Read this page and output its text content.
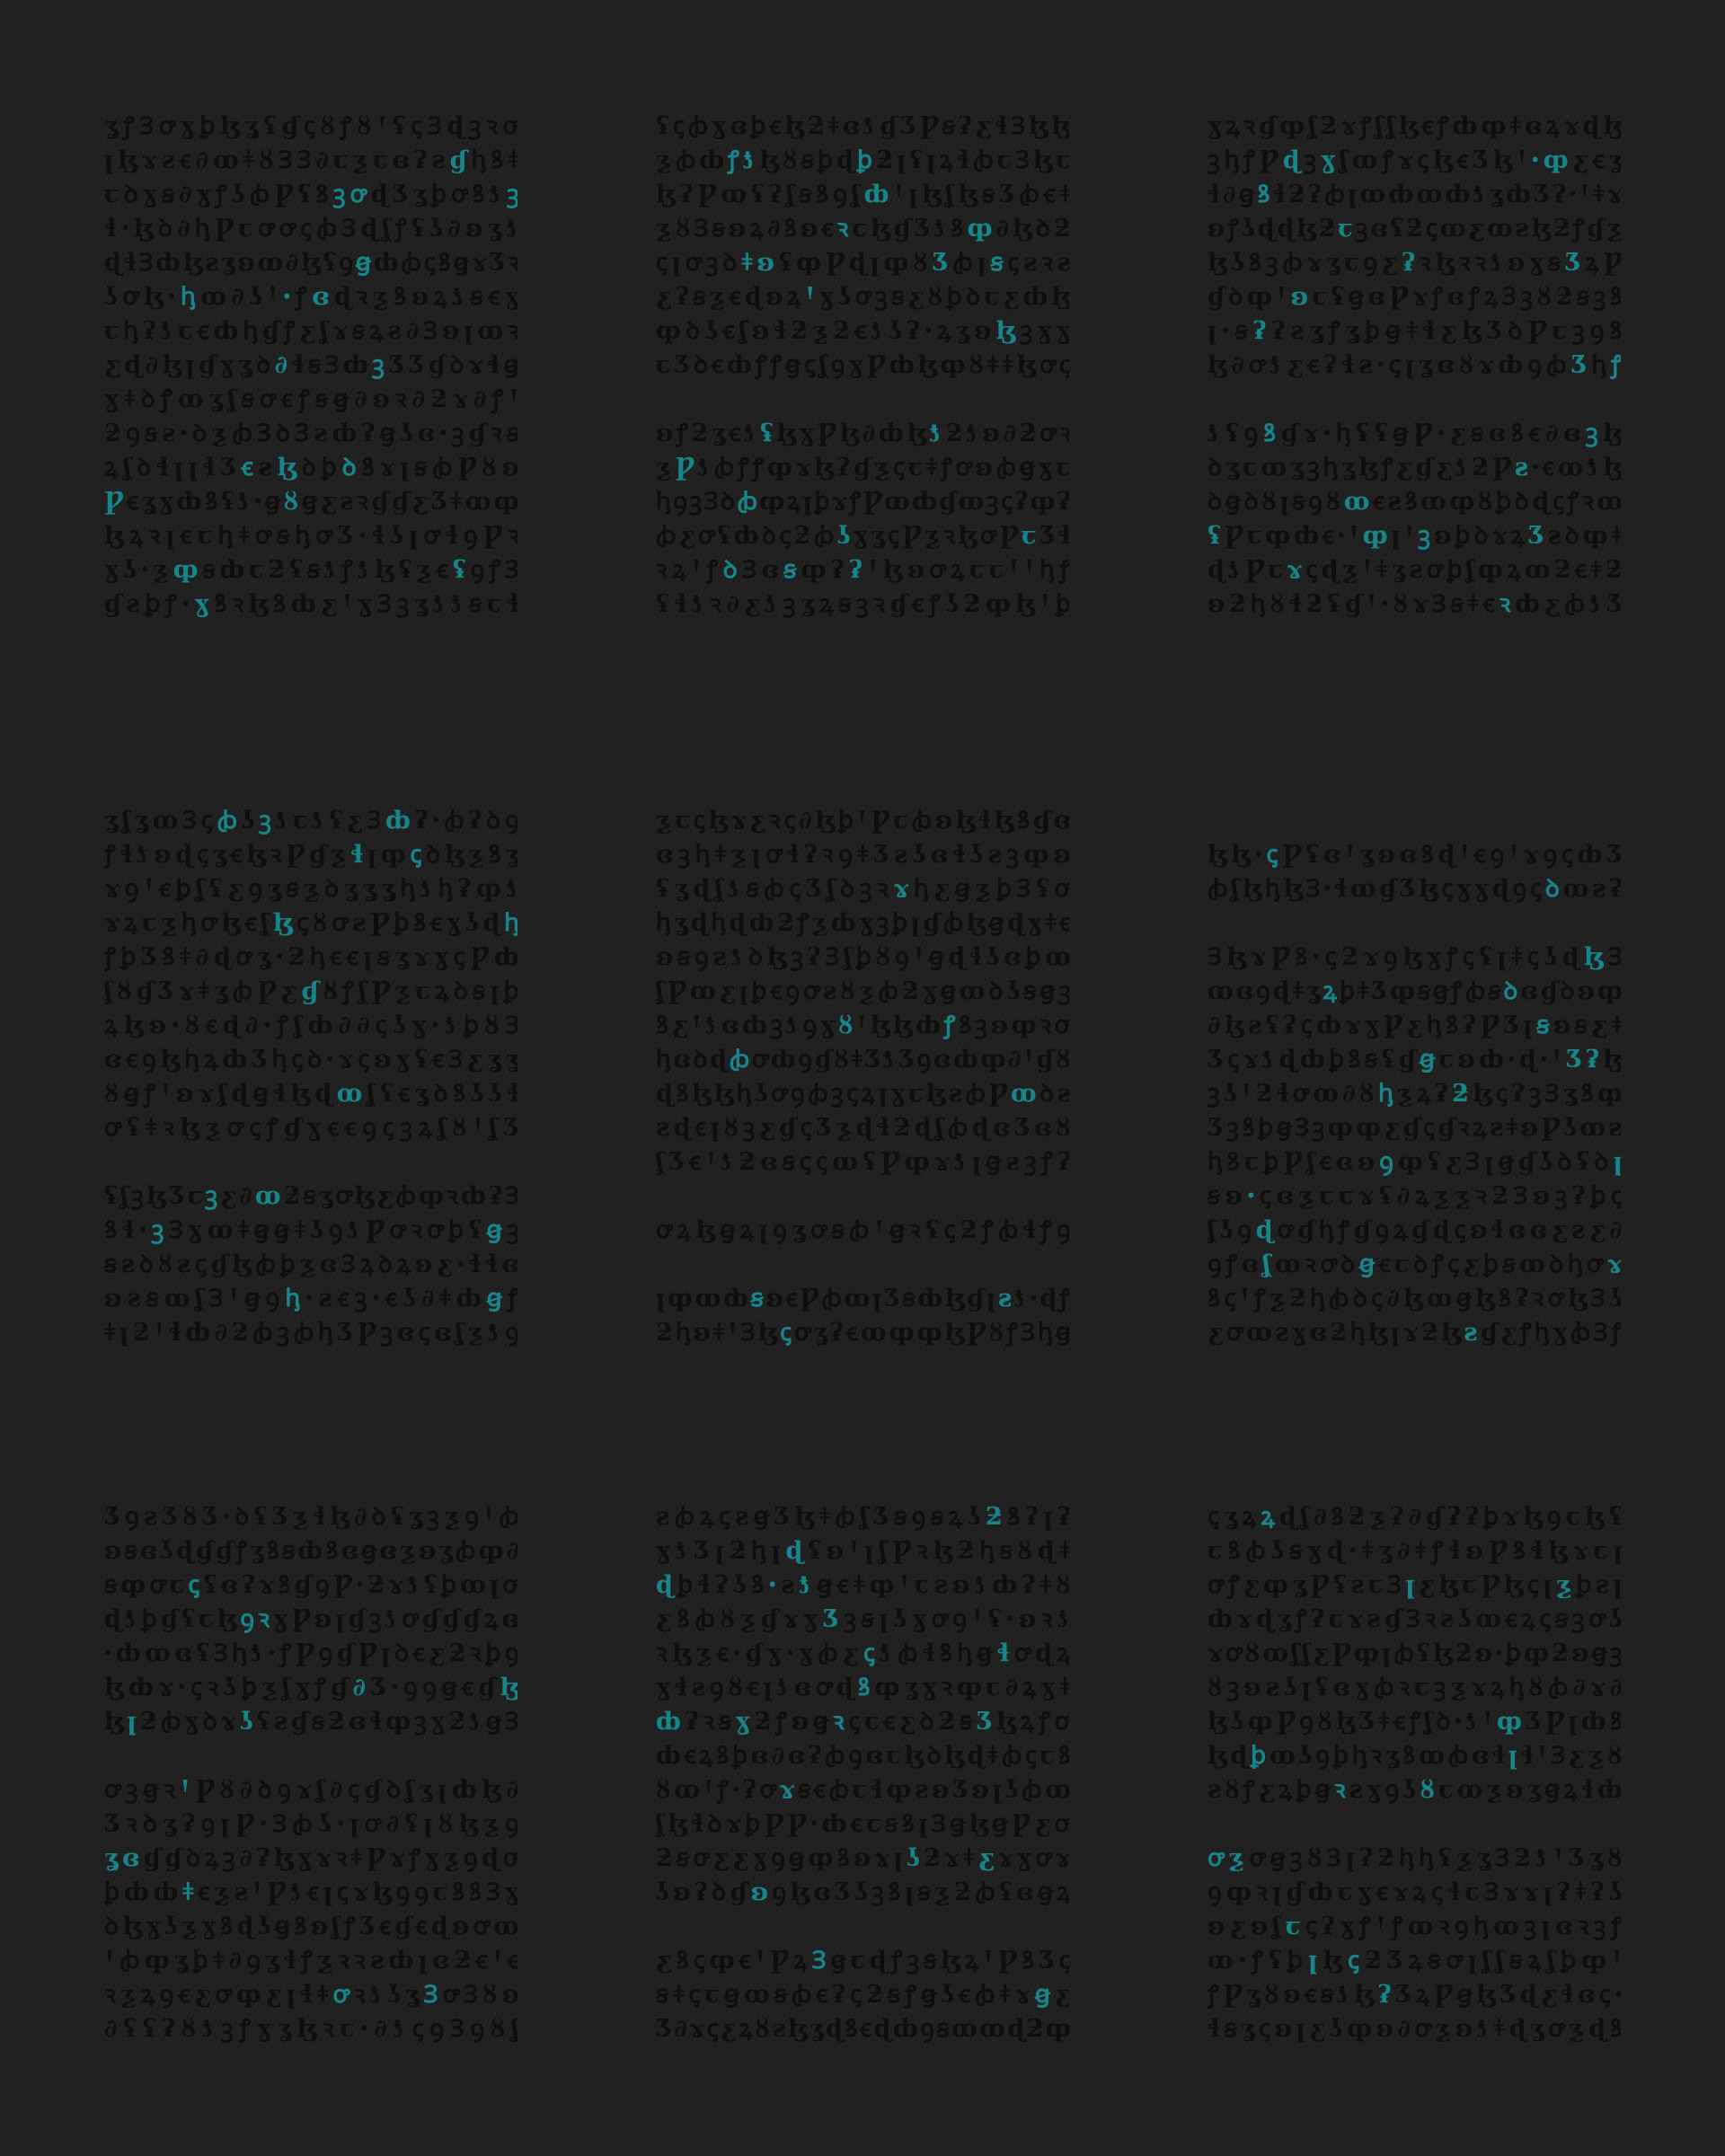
ʓ ꝭ Ɜ ꝍ ɣ ꝧ ɮ ʓ ʢ ɠ ꞔ ȣ ꝭ ȣ Ꞌ ʢ ꞔ Ɜ ɖ ꝫ ꝛ ꝍ
ꞁ ɮ ɤ ƨ ꞓ ∂ ꝏ ǂ ȣ Ɜ Ɜ ∂ ꞇ ƺ ꞇ ɞ ʡ ƨ ɠ ꞕ ꝸ ǂ
ꞇ ꝺ ɣ ꞩ ∂ ɣ ꝭ ʖ ꞗ Ƿ ʢ ꝸ ꝫ ꝍ ɖ Ʒ ʓ ꝧ ꝍ ꝸ ƾ ꝫ
ɬ ꞏ ɮ ꝺ ∂ ꞕ Ƿ ꞇ ꝍ ꝍ ꞔ ꞗ Ɜ ɖ ʆ ꝭ ʢ ʖ ∂ ʚ ʓ ƾ
ɖ ɬ Ɜ ȸ ɮ ƨ ʓ ʚ ꝏ ∂ ɮ ʢ ꝯ ꞡ ȸ ꞗ ꞔ ꝸ ꞡ ɤ Ʒ ꝛ
ʖ ꝍ ɮ ꞏ ꞕ ꝏ ∂ ʖ Ꞌ ꞏ ꝭ ɞ ɖ ꝛ ƺ ꝸ ʚ ꝝ ƾ ꞩ ꞓ ɣ
ꞇ ꞕ ʡ ƾ ꞇ ꞓ ȸ ꞕ ɠ ꝭ ƹ ʆ ɤ ꞩ ꝝ ƨ ∂ Ɜ ʚ ꞁ ꝏ ꝛ
ƹ ɖ ∂ ɮ ꞁ ɠ ɣ ʓ ꝺ ∂ ɬ ꞩ Ɜ ȸ ꝫ Ʒ Ʒ ɠ ꝺ ɤ ɬ ꞡ
ɣ ǂ ꝺ ꝭ ꝏ ʓ ʆ ꞩ ꝍ ꞓ ꝭ ꞩ ꞡ ∂ ʚ ꝛ ∂ ƻ ɤ ∂ ꝭ Ꞌ
ƻ ꝯ ꞩ ƨ ꞏ ꝺ ƺ ꞗ Ɜ ꝺ Ɜ ƨ ȸ ʡ ꞡ ʖ ɞ ꞏ ꝫ ɠ ꝛ ꞩ
ꝝ ʆ ꝺ ɬ ꞁ ꞁ ɬ Ʒ ꞓ ƨ ɮ ꝺ ꝧ ꝺ ꝸ ɤ ꞁ ꞩ ꞗ Ƿ ȣ ʚ
Ƿ ꞓ ʓ ɣ ȸ ꝸ ʢ ƾ ꞏ ꞡ ȣ ꞡ ƹ ƨ ꝛ ɠ ɠ ƹ Ʒ ǂ ꝏ ȹ
ɮ ꝝ ꝛ ꞁ ꞓ ꞇ ꞕ ǂ ꝍ ꞩ ꞕ ꝍ Ʒ ꞏ ɬ ʖ ꞁ ꝍ ɬ ꝯ Ƿ ꝛ
ɣ ʖ ꞏ ƺ ȹ ꞩ ȸ ꞇ ƻ ʢ ꞩ ƾ ꝭ ƾ ɮ ʢ ƺ ꞓ ʢ ꝯ ꝭ Ɜ
ɠ ƨ ꝧ ꝭ ꞏ ɣ ꝸ ꝛ ɮ ꝸ ȸ ƹ Ꞌ ɣ Ɜ ꝫ ʓ ƾ ƾ ꞩ ꞇ ɬ
ʢ ꞔ ꞗ ɣ ɞ ꝧ ꞓ ɮ ƻ ǂ ɞ ƾ ɠ Ʒ Ƿ ꞩ ʡ ƹ ɬ Ɜ ɮ ɮ
ƺ ꞗ ȸ ꝭ ƾ ɮ ȣ ꞩ ꝧ ɖ ꝧ ƻ ꞁ ʢ ꞁ ꝝ ɬ ꞗ ꞇ Ɜ ɮ ꞇ
ɮ ʡ Ƿ ꝏ ʢ ʡ ʆ ꞩ ꝸ ꝯ ʆ ȸ Ꞌ ꞁ ɮ ʆ ɮ ꞩ Ʒ ꞗ ꞓ ǂ
ƺ ȣ Ɜ ꞩ ʚ ꝝ ∂ ꝸ ʚ ꞓ ꝛ ꞇ ɮ ɠ Ʒ ƾ ꝸ ȹ ∂ ɮ ꝺ ƻ
ꞔ ꞁ ꝍ ꝫ ꝺ ǂ ʚ ʢ ȹ Ƿ ɖ ꞁ ȹ ȣ Ʒ ꞗ ꞁ ꞩ ꞔ ƨ ꝛ ƨ
ƹ ʡ ꞩ ƺ ꞓ ɖ ʚ ꝝ Ꞌ ɣ ʖ ꝍ ꝫ ꞩ ƹ ȣ ꝧ ꝺ ꞇ ƹ ȸ ɮ
ȹ ꝺ ʖ ꞓ ʆ ʚ ɬ ƻ ƺ ƻ ꞓ ƾ ʖ ʡ ꞏ ꝝ ʓ ʚ ɮ ꝫ ɣ ɣ
ꞇ Ʒ ꝺ ꞓ ȸ ꝭ ꝭ ꞡ ꞔ ʆ ꝯ ɣ Ƿ ȸ ɮ ȹ ȣ ǂ ǂ ɮ ꝍ ꞔ
ʚ ꝭ ƻ ʓ ꞓ ƾ ʢ ɮ ɣ Ƿ ɮ ∂ ȸ ɮ ƾ ƻ ƾ ʚ ∂ ƻ ꝍ ꝛ
ƺ Ƿ ƾ ꞗ ꝭ ꝭ ȹ ɤ ɮ ʡ ɠ ƺ ꞔ ꞇ ǂ ꝭ ꝍ ʚ ꞗ ꞡ ɣ ꞇ
ꞕ ꝯ ꝫ Ɜ ꝺ ꞗ ȹ ꝝ ꞁ ꝧ ɤ ꝭ Ƿ ꝏ ȸ ɠ ꝏ ꝫ ꞔ ʡ ȹ ʡ
ꞗ ƹ ꝍ ʢ ȸ ꝺ ꞔ ƻ ꞗ ʖ ɣ ʓ ꞔ Ƿ ƺ ꝛ ɮ ꝍ Ƿ ꞇ Ʒ ɬ
ꝛ ꝝ Ꞌ ꝭ ꝺ Ɜ ɞ ꞩ ȹ ʡ ʡ Ꞌ ɮ ʚ ꝍ ꝝ ꞇ ꞇ Ꞌ Ꞌ ꞕ ꝭ
ʢ ɬ ƾ ꝛ ∂ ƹ ƾ ꝫ ʓ ꝝ ꞩ ꝫ ꝛ ɠ ꞓ ꝭ ʖ ƻ ȹ ɮ Ꞌ ꝧ
ɣ ꝝ ꝛ ɠ ȹ ʆ ƻ ɤ ꝭ ʆ ʆ ɮ ꞓ ꝭ ȸ ȹ ǂ ɞ ꝝ ɤ ɖ ɮ
ꝫ ꞕ ꝭ Ƿ ɖ ꝫ ɣ ʆ ꝏ ꝭ ɤ ꞔ ɮ ꞓ Ʒ ɮ Ꞌ ꞏ ȹ ƹ ꞓ ʓ
ɬ ∂ ꞡ ꝸ ɬ ƻ ʡ ꞗ ꞁ ꝏ ȸ ꝏ ȸ ƾ ʓ ȸ Ʒ ʡ ꞏ Ꞌ ǂ ɤ
ʚ ꝭ ʖ ɖ ɖ ɮ ƻ ꞇ ꝫ ɞ ʢ ƻ ꞔ ꝏ ƹ ꝏ ƨ ɮ ƻ ꝭ ɠ ƺ
ɮ ʖ ꝸ ꝫ ꞗ ɤ ʓ ꞇ ꝯ ƹ ʡ ꝛ ɮ ꝛ ꝛ ƾ ʚ ɣ ꞩ Ʒ ꝝ Ƿ
ɠ ꝺ ȹ Ꞌ ʚ ꞇ ʢ ꞡ ɞ Ƿ ɤ ꝭ ɞ ꝭ ꝝ Ɜ ꝫ ȣ ƻ ꞩ ꝫ ꝸ
ꞁ ꞏ ꞩ ʡ ʡ ƨ ʓ ꝭ ʓ ꝧ ꞡ ǂ ɬ ƹ ɮ Ʒ ꝺ Ƿ ꞇ ꝫ ꝯ ꝸ
ɮ ∂ ꝍ ƾ ƹ ꞓ ʡ ɬ ƨ ꞏ ꞔ ꞁ ʓ ɞ ȣ ɤ ȸ ꝯ ꞗ Ʒ ꞕ ꝭ
ƾ ʢ ꝯ ꝸ ɠ ɤ ꞏ ꞕ ʢ ʢ ꞡ Ƿ ꞏ ƹ ꞩ ɞ ꝸ ꞓ ∂ ɞ ꝫ ɮ
ꝺ ʓ ꞇ ꝏ ʓ ꝫ ꞕ ʓ ɮ ꝭ ƹ ɠ ƹ ƾ ƻ Ƿ ƨ ꞏ ꞓ ꝏ ƾ ɮ
ꝺ ꞡ ꝺ ȣ ꞁ ꞩ ꝯ ȣ ꝏ ꞓ ƨ ꝸ ꝏ ȹ ȣ ꝧ ꝺ ɖ ꞔ ꝭ ꝛ ꝏ
ʢ Ƿ ꞇ ȹ ȸ ꞓ ꞏ Ꞌ ȹ ꞁ Ꞌ ꝫ ʚ ꝧ ꝺ ɤ ꝝ Ʒ ƨ ꝺ ȹ ǂ
ɖ ƾ Ƿ ꞇ ɤ ꞔ ɖ ƺ Ꞌ ǂ ʓ ƨ ꝍ ꝧ ʆ ȹ ꝝ ꝏ ƻ ꞓ ǂ ƻ
ʚ ƻ ꞕ ȣ ɬ ƻ ʢ ɠ Ꞌ ꞏ ȣ ɤ Ɜ ꞩ ǂ ꞓ ꝛ ȸ ƹ ꞗ ƾ Ʒ
ʓ ʆ ʓ ꝏ Ɜ ꞔ ꞗ ʖ ꝫ ƾ ꞇ ƾ ʢ ƹ Ɜ ȸ ʡ ꞏ ꞗ ʡ ꝺ ꝯ
ꝭ ɬ ƾ ʚ ɖ ꞔ ʓ ꞓ ɮ ꝛ Ƿ ɠ ƺ ɬ ꞁ ȹ ꞔ ꝺ ɮ ƺ ꝸ ʓ
ɤ ꝯ Ꞌ ꞓ ꝧ ʆ ʢ ƹ ꝯ ʓ ꞩ ƺ ꝺ ʓ ʓ ʓ ꞕ ƾ ꞕ ʡ ȹ ƾ
ɤ ꝝ ꞇ ƺ ꞕ ꝍ ɮ ꞓ ʆ ɮ ꞔ ȣ ꝍ ƨ Ƿ ꝧ ꝸ ꞓ ɣ ʖ ɖ ꞕ
ꝭ ꝧ Ʒ ꝸ ǂ ∂ ɖ ꝍ ʓ ꞏ ƻ ꞕ ꞓ ꞓ ꞁ ꞩ ʓ ɤ ɣ ꞔ Ƿ ȸ
ʆ ȣ ɠ Ʒ ɤ ǂ ʓ ꞗ Ƿ ƹ ɠ ȣ ꝭ ʆ Ƿ ƺ ꞇ ꝝ ꝺ ꞩ ꞁ ꝧ
ꝝ ɮ ʚ ꞏ ȣ ꞓ ɖ ∂ ꞏ ꝭ ʆ ȸ ∂ ∂ ꞔ ʖ ɣ ꞏ ƾ ꝧ ȣ Ɜ
ɞ ꞓ ꝯ ɮ ꞕ ꝝ ȸ Ʒ ꞕ ꞔ ꝺ ꞏ ɤ ꞔ ʚ ɣ ʢ ꞓ Ɜ ƹ ʓ ʓ
ȣ ꞡ ꝭ Ꞌ ʚ ɤ ʆ ɖ ꞡ ɬ ɮ ɖ ꝏ ʆ ʢ ꞓ ʓ ꝺ ꝸ ʖ ʖ ɬ
ꝍ ʢ ǂ ꝛ ɮ ƺ ꝍ ꞔ ꝭ ɠ ɣ ꞓ ꞓ ꝯ ꞔ ꝫ ꝝ ʆ ȣ Ꞌ ʆ Ʒ
ʢ ʆ ꝫ ɮ Ʒ ꞇ ꝫ ƹ ∂ ꝏ ƻ ꞩ ʓ ꝍ ɮ ƹ ꞗ ȹ ꝛ ȸ ʡ Ɜ
ꝸ ɬ ꞏ ꝫ Ɜ ɣ ꝏ ǂ ꞡ ꞡ ǂ ʖ ꝯ ƾ Ƿ ꝍ ꝛ ꝍ ꝧ ʢ ꞡ ꝫ
ꞩ ƨ ꝺ ȣ ƨ ꞔ ɠ ɮ ꞗ ꝧ ƺ ɞ Ɜ ꝝ ꝺ ꝝ ʚ ƹ ꞏ ɬ ɬ ɞ
ʚ ƨ ꞩ ꝏ ʆ Ɜ Ꞌ ꞡ ꝯ ꞕ ꞏ ƨ ꞓ ꝫ ꞏ ꞓ ʖ ∂ ǂ ȸ ꞡ ꝭ
ǂ ꞁ ƻ Ꞌ ɬ ȸ ∂ ƻ ꞗ ꝫ ꞗ ꞕ Ʒ Ƿ ꝫ ɞ ꞔ ɞ ʆ ƺ ƾ ꝯ
ƺ ꞇ ꞔ ɮ ɤ ƹ ꝛ ꞔ ∂ ɮ ꝧ Ꞌ Ƿ ꞇ ꞗ ʚ ɮ ɬ ɮ ꝸ ɠ ɞ
ɞ ꝫ ꞕ ǂ ƺ ꞁ ꝍ ɬ ʡ ꝛ ꝯ ǂ Ʒ ƨ ʖ ɞ ɬ ʖ ƨ ꝫ ȹ ʚ
ʢ ʓ ɖ ʆ ƾ ꞩ ꞗ ꞔ Ʒ ʆ ꝺ ꝫ ꝛ ɤ ꞕ ƹ ꞡ ƺ ꝧ Ɜ ʢ ꝍ
ꞕ ʓ ɖ ꞕ ɖ ȸ ƻ ꝭ ƺ ȸ ɣ ꝫ ꝧ ꞁ ɠ ꞗ ɮ ꞡ ɖ ɣ ǂ ꞓ
ʚ ꞩ ꝯ ƨ ƾ ꝺ ɮ ꝫ ʡ Ɜ ʆ ꝧ ȣ ꝯ Ꞌ ꞡ ɖ ɬ ʖ ɞ ꝧ ꝏ
ʆ Ƿ ꝏ ƹ ꞁ ꝧ ꞓ ꝯ ꝍ ƨ ȣ ƺ ꞗ ƻ ɣ ꞡ ꝏ ꝺ ʖ ꞩ ꞡ ꝫ
ꝸ ƹ Ꞌ ƾ ɞ ȸ ꝫ ƾ ꝯ ɣ ȣ Ꞌ ɮ ɮ ȸ ꝭ ꝸ ꝫ ʚ ȹ ꝛ ꝍ
ꞕ ɞ ꝺ ɖ ꞗ ꝍ ȸ ꝯ ɠ ȣ ǂ Ʒ ƾ Ʒ ꝯ ɞ ȸ ȹ ∂ Ꞌ ɠ ȣ
ɖ ꝸ ɮ ɮ ꞕ ʖ ꝍ ꝯ ꞗ ꝫ ꞔ ꝝ ꞁ ɣ ꞇ ɮ ƨ ꞗ Ƿ ꝏ ꝺ ƨ
ƨ ɖ ꞓ ꞁ ȣ ꝫ ƹ ɠ ꞔ Ʒ ƺ ɖ ɬ ƻ ɖ ʆ ꞗ ɖ ɞ Ʒ ɞ ȣ
ʆ Ʒ ꞓ Ꞌ ƾ ƻ ɞ ꞩ ꞔ ꞔ ꝏ ʢ Ƿ ȹ ɤ ƾ ꞁ ꞡ ƨ ꝫ ꝭ ʡ
ꝍ ꝝ ɮ ꞡ ꝝ ꞁ ꝯ ʓ ꝍ ꞩ ꞗ Ꞌ ꞡ ꝛ ʢ ꞔ ƻ ꝭ ꞗ ɬ ꝭ ꝯ
ꞁ ȹ ꝏ ȸ ꞩ ʚ ꞓ Ƿ ꞗ ꝏ ꞁ Ʒ ꞩ ȸ ɮ ɠ ꞁ ƨ ƾ ꞏ ɖ ꝭ
ƻ ꞕ ʚ ǂ Ꞌ Ɜ ɮ ꞔ ꝍ ʓ ʡ ꞓ ꝏ ȹ ȹ ɮ Ƿ ȣ ꝭ Ɜ ꞕ ꞡ
ɮ ɮ ꞏ ꞔ Ƿ ʢ ɞ Ꞌ ʓ ʚ ɞ ꝸ ɖ Ꞌ ꞓ ꝯ Ꞌ ɤ ꝯ ꞔ ȸ Ʒ
ꞗ ʆ ɮ ꞕ ɮ Ɜ ꞏ ɬ ꝏ ɠ Ʒ ɮ ꞔ ɣ ɣ ɖ ꝯ ꞔ ꝺ ꝏ ƨ ʡ
Ɜ ɮ ɤ Ƿ ꝸ ꞏ ꞔ ƻ ɤ ꝯ ɮ ɣ ꝭ ꞔ ʢ ꞁ ǂ ꞔ ʖ ɖ ɮ Ɜ
ꝏ ɞ ꝯ ɖ ǂ ʓ ꝝ ꝧ ǂ Ʒ ȹ ꞩ ꞡ ꝭ ꞗ ꞩ ꝺ ɞ ɠ ꝺ ʚ ȹ
∂ ɮ ƨ ʢ ʡ ꞔ ȸ ɤ ɣ Ƿ ƹ ꞕ ꝸ ʡ Ƿ Ʒ ꞁ ꞩ ʚ ꞩ ƹ ǂ
Ʒ ꞔ ɤ ƾ ɖ ȸ ꝧ ꝸ ꞩ ʢ ɠ ꞡ ꞇ ʚ ȸ ꞏ ɖ ꞏ Ꞌ Ʒ ʡ ɮ
ꝫ ʖ Ꞌ ƻ ɬ ꝍ ꝏ ∂ ȣ ꞕ ƺ ꝝ ʡ ƻ ɮ ꞔ ʡ ꝫ Ɜ ʓ ꝸ ȹ
Ʒ ꝫ ꝸ ꝧ ꞡ Ɜ ꝫ ȹ ȹ ƹ ɠ ꞔ ɠ ꝛ ꝝ ƨ ǂ ʚ Ƿ ʖ ꝏ ƨ
ꞕ ꝸ ꞇ ꝧ Ƿ ʆ ꞓ ɞ ʚ ꝯ ȹ ʢ ƹ Ɜ ꞁ ꞡ ɠ ʖ ꝺ ʢ ꝺ ꞁ
ꞩ ʚ ꞏ ꞔ ɞ ƺ ꞇ ꞇ ɤ ʢ ∂ ꝝ ƺ ƺ ꝛ ƻ Ɜ ʚ ꝫ ʡ ꝧ ꞔ
ʆ ʖ ꝯ ɖ ꝍ ɠ ꞕ ꝭ ɠ ꝯ ꝝ ɠ ɖ ꞔ ʚ ɬ ɞ ɞ ƹ ƨ ƹ ∂
ꝯ ꝭ ɞ ʆ ꝏ ꝛ ꝍ ꝺ ꞡ ꞓ ꞇ ꝺ ꝭ ꞔ ƹ ꝧ ꞩ ꝏ ꝺ ꞕ ꝍ ɤ
ꝸ ꞔ Ꞌ ꝭ ƺ ƻ ꞕ ꞗ ꝺ ꞔ ∂ ɮ ꝏ ꞡ ɮ ꝸ ʡ ꝛ ꝍ ɮ Ɜ ʖ
ƹ ꝍ ꝏ ƨ ɣ ɞ ƻ ꞕ ɮ ꞁ ɤ ƻ ɮ ƨ ɠ ƹ ꝭ ꞕ ɣ ꞗ Ɜ ꝭ
Ʒ ꝯ ƨ Ʒ ȣ Ʒ ꞏ ꝺ ʢ Ʒ ƺ ɬ ɮ ∂ ꝺ ʢ ʓ ꝫ ƺ ꝯ Ꞌ ꞗ
ʚ ꞩ ɞ ʖ ɖ ɠ ɠ ꝭ ʓ ꝸ ꞩ ȸ ꝸ ɞ ꞡ ɞ ƺ ʚ ʓ ꞗ ȹ ∂
ꞩ ȹ ꝍ ꞇ ꞔ ʢ ɞ ʡ ɤ ꝸ ɠ ꝯ Ƿ ꞏ ƻ ɤ ƾ ʢ ꝧ ꝏ ꞁ ꝍ
ɖ ƾ ꝧ ɠ ʢ ꞇ ɮ ꝯ ꝛ ɣ Ƿ ʚ ꞁ ɠ ꝫ ƾ ꝍ ɠ ɠ ɠ ꝝ ɞ
ꞏ ȸ ꝏ ɞ ʢ Ɜ ꞕ ƾ ꞏ ꝭ Ƿ ꝯ ɠ Ƿ ꞁ ꝺ ꞓ ƹ ƻ ꝛ ꝧ ꝯ
ɮ ȸ ɤ ꞏ ꞔ ꝛ ʖ ꝧ ƺ ʆ ɣ ꝭ ɠ ∂ Ʒ ꞏ ꝯ ꝯ ꞡ ꞓ ɠ ɮ
ɮ ꞁ ƻ ꞗ ɣ ꝺ ɤ ʖ ʢ ƨ ɠ ꞩ ƻ ɞ ɬ ȹ ꝫ ɣ ƻ ƾ ꞡ Ɜ
ꝍ ꝫ ꞡ ꝛ Ꞌ Ƿ ȣ ∂ ꝺ ꝯ ɤ ʆ ∂ ꞔ ɠ ꝺ ʆ ʓ ꞁ ȸ ɮ ∂
Ʒ ꝛ ꝺ ʓ ʡ ꝯ ꞁ Ƿ ꞏ Ɜ ꞗ ʖ ꞏ ꞁ ꝍ ∂ ʢ ꞁ ȣ ɮ ƺ ꝯ
ʓ ɞ ɠ ɠ ꝺ ꝝ ꝫ ∂ ʡ ɮ ɣ ɤ ꝛ ǂ Ƿ ɤ ꝭ ɣ ƺ ꝯ ɖ ꝍ
ꝧ ȸ ȸ ǂ ꞓ ƺ ƨ Ꞌ Ƿ ƾ ꞓ ꞁ ꞔ ɤ ɮ ꝯ ꝯ ꞇ ꝸ ꝸ Ɜ ɣ
ꝺ ɮ ɣ ʖ ƺ ɣ ꝸ ɖ ʖ ꞡ ꝸ ʚ ʆ ꝭ Ʒ ꞓ ɠ ꞓ ɖ ʚ ꝍ ꝏ
Ꞌ ꞗ ȹ ʓ ꝧ ǂ ∂ ꝯ ʓ ɬ ꝭ ƺ ꝛ ꝛ ƨ ȸ ꞁ ɞ ƻ ꞓ Ꞌ ꞓ
ꝛ ƺ ꝝ ꝯ ꞓ ƹ ꝍ ȹ ƹ ꞁ ɬ ǂ ꝍ ꝛ ƾ ʖ ʓ Ɜ ꝍ Ɜ ȣ ʚ
∂ ʢ ʢ ʡ ȣ ƾ ꝫ ꝭ ɣ ʓ ɮ ꝛ ꞇ ꞏ ∂ ƾ ꞔ ꝯ Ɜ ꝯ ȣ ʆ
ƨ ꞗ ꝝ ꞔ ƨ ꞡ Ʒ ɮ ǂ ꞗ ʆ Ʒ ꞩ ꝯ ꞩ ꝝ ʖ ƻ ꝸ ʡ ꞁ ʡ
ɣ ƾ Ʒ ꞁ ƻ ꞕ ꞁ ɖ ʢ ʚ Ꞌ ꞁ ʆ Ƿ ꝛ ɮ ƻ ꞕ ꞩ ȣ ɖ ǂ
ɖ ꝧ ɬ ʡ ʖ ꝸ ꞏ ƨ ƾ ꞡ ꞓ ǂ ȹ Ꞌ ꞇ ƨ ʚ ƾ ȸ ʡ ǂ ȣ
ƹ ꝸ ꞗ ȣ ƺ ɠ ɤ ɣ Ʒ ꝫ ꞩ ꞁ ʖ ɣ ꝍ ꝯ Ꞌ ʢ ꞏ ʚ ꝛ ƾ
ꝛ ɮ ƺ ꞓ ꞏ ɠ ɣ ꞏ ɣ ꞗ ƹ ꞔ ƾ ꞗ ɬ ꝸ ꞕ ꞡ ɬ ꝍ ɖ ꝝ
ɣ ɬ ƨ ꝯ ȣ ꞓ ꞁ ƾ ɞ ꝍ ɖ ꝸ ȹ ʓ ɣ ꝛ ȹ ꞇ ∂ ꝝ ɣ ǂ
ȸ ʡ ꝛ ꞩ ɣ ƻ ꝭ ʚ ꞡ ꝛ ꞔ ꞇ ꞓ ƹ ꝺ ƻ ꞩ Ʒ ɮ ꝝ ꝭ ꝍ
ȸ ꞓ ꝝ ꝸ ꝧ ɞ ∂ ɞ ʡ ꞗ ꝯ ɞ ꞇ ɮ ꝺ ɮ ɖ ǂ ꞗ ꞔ ꞇ ꝸ
ȣ ꝏ Ꞌ ꝭ ꞏ ʡ ꝍ ɤ ꞩ ꞓ ꞗ ꞇ ɬ ȹ ƨ ʚ Ʒ ʚ ꞁ ʖ ꞗ ꝏ
ʆ ɮ ɬ ꝺ ɤ ꝧ Ƿ Ƿ ꞏ ȸ ꞓ ꞇ ꞩ ꝸ ꞁ Ɜ ꞡ ɮ ꞡ Ƿ ƹ ꝍ
ƻ ꞩ ꝍ ƹ ƹ ɣ ꝯ ꞡ ȹ ꝸ ʚ ɤ ꞁ ʖ ƻ ɤ ǂ ƹ ɤ ɣ ꝍ ɤ
ʖ ʚ ʡ ꝺ ɠ ʚ ꝯ ɮ ɞ Ʒ ʖ ꝫ ꝸ ꞁ ꞩ ƺ ƻ ꞗ ʢ ɞ ꞡ ꝝ
ƹ ꝸ ꞔ ȹ ꞓ Ꞌ Ƿ ꝝ Ɜ ꞡ ꞇ ɖ ꝭ ꝫ ꞩ ɮ ꝝ Ꞌ Ƿ ꝸ Ʒ ꞔ
ꞩ ǂ ꞔ ꞇ ꞡ ꝏ ꞩ ꞗ ꞓ ʡ ꞔ ƻ ꞩ ꝭ ꞡ ʖ ꞓ ꞗ ǂ ɤ ꞡ ƹ
Ʒ ∂ ɤ ꞔ ƹ ꝝ ȣ ƨ ɮ ʓ ɖ ꝸ ꞓ ɖ ȸ ꝯ ꞩ ꝏ ꝏ ɖ ƻ ȹ
ꞔ ʓ ꝝ ꝝ ɖ ʆ ∂ ꝸ ƻ ƺ ʡ ∂ ɠ ʡ ʡ ꝧ ɤ ɮ ꝯ ꞇ ɮ ʢ
ꞇ ꝸ ꞗ ʖ ꞩ ɣ ɖ ꞏ ǂ ʓ ∂ ǂ ꝭ ɬ ʚ Ƿ ꝸ ɬ ɮ ɤ ꞇ ꞁ
ꝍ ꝭ ƹ ȹ ʓ Ƿ ʢ ƨ ꞇ Ɜ ꞁ ƹ ɮ ꞇ Ƿ ɮ ꞔ ꞁ ƺ ꝧ ƨ ꞁ
ȸ ɤ ɖ ʓ ꝭ ʡ ꞇ ɤ ƨ ɠ Ɜ ꝛ ƨ ʖ ꝏ ꞓ ꝝ ꞔ ꞩ ꝫ ꝍ ʖ
ɤ ꝍ ȣ ꝏ ʆ ʆ ƹ Ƿ ȹ ꞁ ꞗ ʢ ɮ ƻ ʚ ꞏ ꝧ ȹ ƻ ʚ ꞡ ꝫ
ȣ ꝫ ʚ ƨ ʖ ꞁ ʢ ɞ ɣ ꞗ ꝛ ꞇ ꝫ ƺ ɤ ꝝ ꞕ ȣ ꞗ ∂ ɤ ∂
ɮ ʖ ȹ Ƿ ꝯ ȣ ɮ Ʒ ǂ ꞓ ꝭ ʆ ꝺ ꞏ ƾ Ꞌ ȹ Ʒ Ƿ ꞁ ȸ ꝸ
ɮ ɖ ꝧ ꝏ ʖ ꝯ ꝧ ꞕ ꝛ ʓ ꝸ ꝏ ꞗ ɞ ɬ ꞁ ɬ Ꞌ Ɜ ƹ ƺ ȣ
ƨ ȣ ꝭ ƹ ꝝ ꝧ ꞡ ꝛ ƨ ɣ ꝯ ʖ ȣ ꞇ ꝏ ƺ ʚ ʓ ꞡ ꝝ ɬ ȸ
ꝍ ƺ ꝍ ꞡ ꝫ ȣ Ɜ ꞁ ʡ ƻ ꞕ ꞕ ʢ ƺ ʓ Ɜ ƻ ƾ Ꞌ Ʒ ʓ ȣ
ꝯ ȹ ꝛ ꞁ ɠ ȸ ꞇ ɣ ꞓ ɤ ꝝ ꞔ ɬ ꞇ Ɜ ɤ ɤ ꞁ ʡ ǂ ʡ ʖ
ʚ ƹ ʚ ʆ ꞇ ꞔ ʡ ɣ ꝭ Ꞌ ꝭ ꝏ ꝛ ꝯ ꞕ ꝏ ꝫ ꞁ ɞ ꝛ ꝫ ꝭ
ꝏ ꞏ ꝭ ʢ ꝧ ꞁ ɮ ꞔ ƻ Ʒ ꝝ ꞩ ꝍ ꞁ ʆ ʆ ꞩ ꝝ ʆ ꝧ ȹ Ꞌ
ꝭ Ƿ ʓ ȣ ʚ ꞓ ꞩ ƾ ɮ ʡ Ʒ ꝝ Ƿ ꞡ ɮ Ʒ ɖ ƹ ɬ ɞ ꞔ ꞏ
ɬ ꞩ ʓ ꞔ ʚ ꞁ ƹ ʖ ȹ ʚ ∂ ꝍ ƺ ʚ ƾ ǂ ɖ ʓ ꝍ ƺ ɖ ꝸ
